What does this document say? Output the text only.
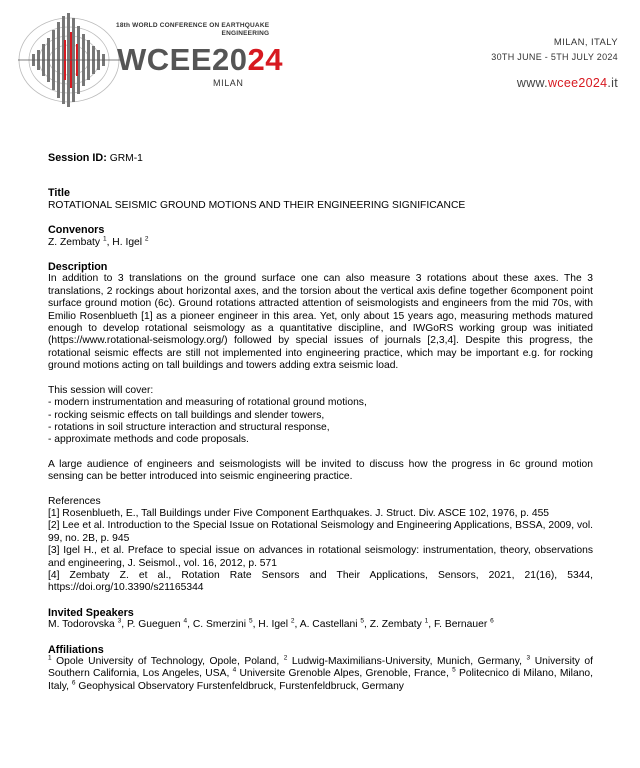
18th WORLD CONFERENCE ON EARTHQUAKE
ENGINEERING
WCEE2024
MILAN
MILAN, ITALY
30TH JUNE - 5TH JULY 2024
www.wcee2024.it
Session ID: GRM-1
Title
ROTATIONAL SEISMIC GROUND MOTIONS AND THEIR ENGINEERING SIGNIFICANCE
Convenors
Z. Zembaty $^1$, H. Igel $^2$
Description
In addition to 3 translations on the ground surface one can also measure 3 rotations about these axes. The 3 translations, 2 rockings about horizontal axes, and the torsion about the vertical axis define together 6component point surface ground motion (6c). Ground rotations attracted attention of seismologists and engineers from the mid 70s, with Emilio Rosenblueth [1] as a pioneer engineer in this area. Yet, only about 15 years ago, measuring methods matured enough to develop rotational seismology as a quantitative discipline, and IWGoRS working group was initiated (https://www.rotational-seismology.org/) followed by special issues of journals [2,3,4]. Despite this progress, the rotational seismic effects are still not implemented into engineering practice, which may be important e.g. for rocking ground motions acting on tall buildings and towers adding extra seismic load.
This session will cover:
- modern instrumentation and measuring of rotational ground motions,
- rocking seismic effects on tall buildings and slender towers,
- rotations in soil structure interaction and structural response,
- approximate methods and code proposals.
A large audience of engineers and seismologists will be invited to discuss how the progress in 6c ground motion sensing can be better introduced into seismic engineering practice.
References
[1] Rosenblueth, E., Tall Buildings under Five Component Earthquakes. J. Struct. Div. ASCE 102, 1976, p. 455
[2] Lee et al. Introduction to the Special Issue on Rotational Seismology and Engineering Applications, BSSA, 2009, vol. 99, no. 2B, p. 945
[3] Igel H., et al. Preface to special issue on advances in rotational seismology: instrumentation, theory, observations and engineering, J. Seismol., vol. 16, 2012, p. 571
[4] Zembaty Z. et al., Rotation Rate Sensors and Their Applications, Sensors, 2021, 21(16), 5344, https://doi.org/10.3390/s21165344
Invited Speakers
M. Todorovska $^3$, P. Gueguen $^4$, C. Smerzini $^5$, H. Igel $^2$, A. Castellani $^5$, Z. Zembaty $^1$, F. Bernauer $^6$
Affiliations
$^1$ Opole University of Technology, Opole, Poland, $^2$ Ludwig-Maximilians-University, Munich, Germany, $^3$ University of Southern California, Los Angeles, USA, $^4$ Universite Grenoble Alpes, Grenoble, France, $^5$ Politecnico di Milano, Milano, Italy, $^6$ Geophysical Observatory Furstenfeldbruck, Furstenfeldbruck, Germany
